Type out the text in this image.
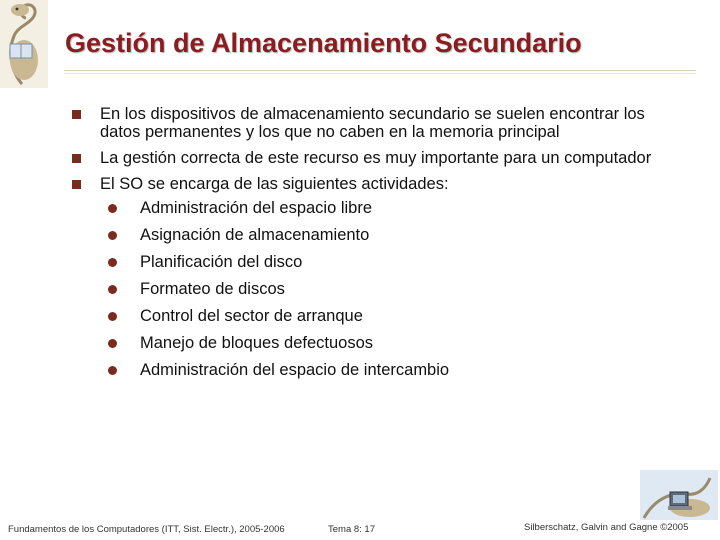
Gestión de Almacenamiento Secundario
En los dispositivos de almacenamiento secundario se suelen encontrar los datos permanentes y los que no caben en la memoria principal
La gestión correcta de este recurso es muy importante para un computador
El SO se encarga de las siguientes actividades:
Administración del espacio libre
Asignación de almacenamiento
Planificación del disco
Formateo de discos
Control del sector de arranque
Manejo de bloques defectuosos
Administración del espacio de intercambio
Fundamentos de los Computadores (ITT, Sist. Electr.), 2005-2006	Tema 8: 17	Silberschatz, Galvin and Gagne ©2005
